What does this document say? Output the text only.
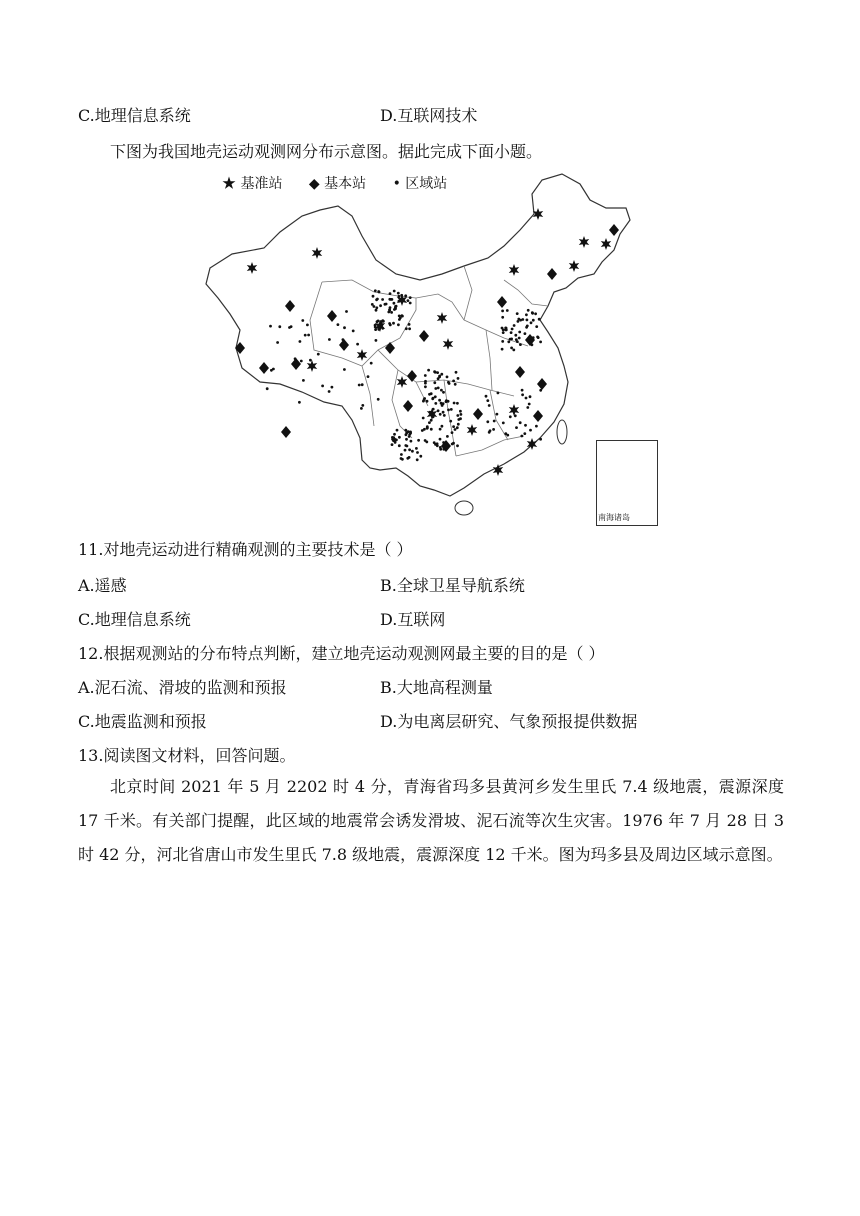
C.地理信息系统	D.互联网技术
下图为我国地壳运动观测网分布示意图。据此完成下面小题。
★ 基准站 ◆ 基本站 • 区域站
南海诸岛
11.对地壳运动进行精确观测的主要技术是（ ）
A.遥感	B.全球卫星导航系统
C.地理信息系统	D.互联网
12.根据观测站的分布特点判断，建立地壳运动观测网最主要的目的是（ ）
A.泥石流、滑坡的监测和预报	B.大地高程测量
C.地震监测和预报	D.为电离层研究、气象预报提供数据
13.阅读图文材料，回答问题。
北京时间 2021 年 5 月 2202 时 4 分，青海省玛多县黄河乡发生里氏 7.4 级地震，震源深度 17 千米。有关部门提醒，此区域的地震常会诱发滑坡、泥石流等次生灾害。1976 年 7 月 28 日 3 时 42 分，河北省唐山市发生里氏 7.8 级地震，震源深度 12 千米。图为玛多县及周边区域示意图。
